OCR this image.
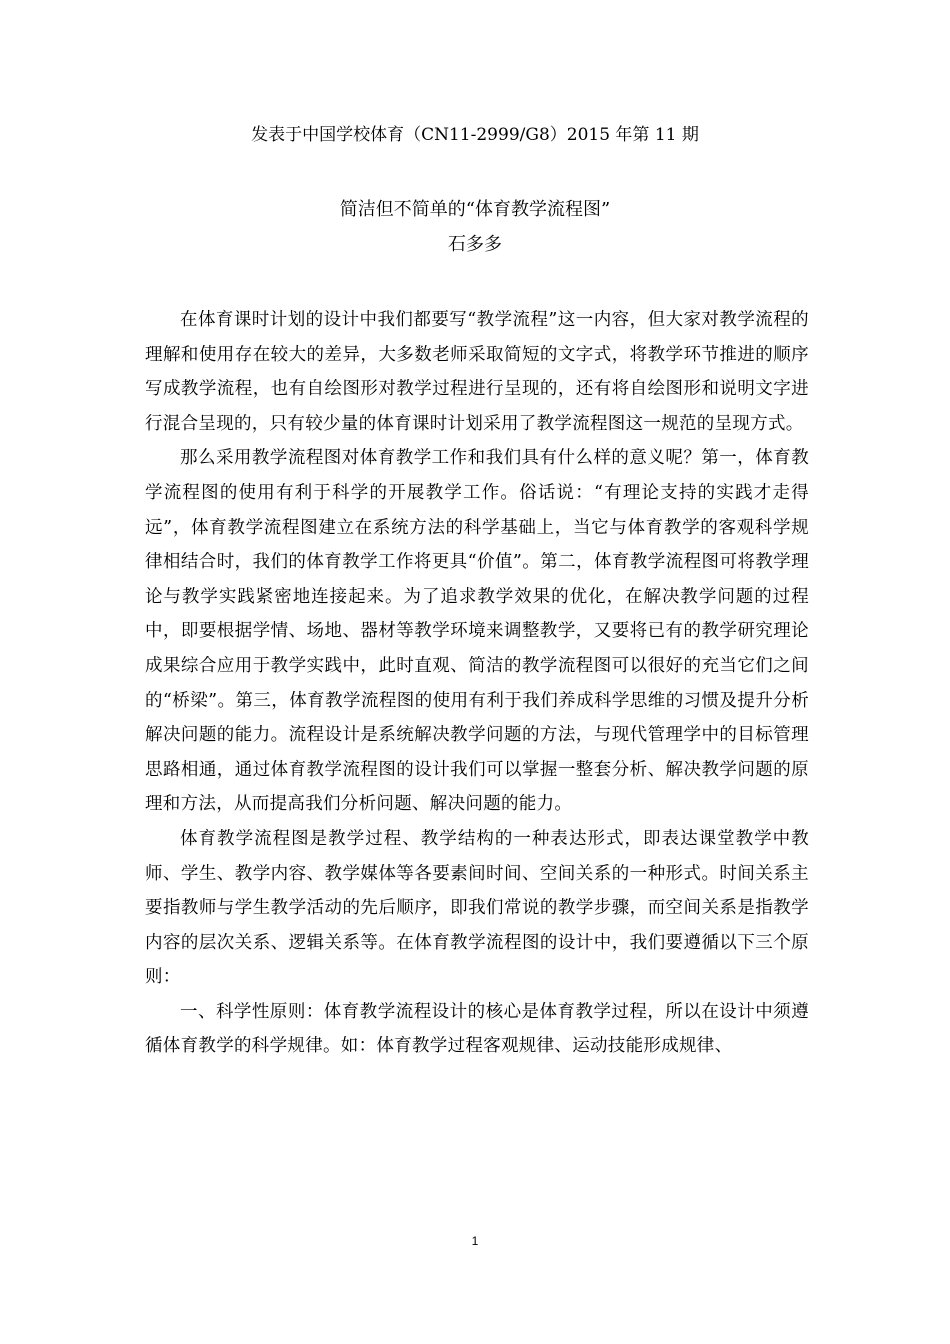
发表于中国学校体育（CN11-2999/G8）2015 年第 11 期
简洁但不简单的“体育教学流程图”
石多多

在体育课时计划的设计中我们都要写“教学流程”这一内容，但大家对教学流程的理解和使用存在较大的差异，大多数老师采取简短的文字式，将教学环节推进的顺序写成教学流程，也有自绘图形对教学过程进行呈现的，还有将自绘图形和说明文字进行混合呈现的，只有较少量的体育课时计划采用了教学流程图这一规范的呈现方式。

那么采用教学流程图对体育教学工作和我们具有什么样的意义呢？第一，体育教学流程图的使用有利于科学的开展教学工作。俗话说：“有理论支持的实践才走得远”，体育教学流程图建立在系统方法的科学基础上，当它与体育教学的客观科学规律相结合时，我们的体育教学工作将更具“价值”。第二，体育教学流程图可将教学理论与教学实践紧密地连接起来。为了追求教学效果的优化，在解决教学问题的过程中，即要根据学情、场地、器材等教学环境来调整教学，又要将已有的教学研究理论成果综合应用于教学实践中，此时直观、简洁的教学流程图可以很好的充当它们之间的“桥梁”。第三，体育教学流程图的使用有利于我们养成科学思维的习惯及提升分析解决问题的能力。流程设计是系统解决教学问题的方法，与现代管理学中的目标管理思路相通，通过体育教学流程图的设计我们可以掌握一整套分析、解决教学问题的原理和方法，从而提高我们分析问题、解决问题的能力。

体育教学流程图是教学过程、教学结构的一种表达形式，即表达课堂教学中教师、学生、教学内容、教学媒体等各要素间时间、空间关系的一种形式。时间关系主要指教师与学生教学活动的先后顺序，即我们常说的教学步骤，而空间关系是指教学内容的层次关系、逻辑关系等。在体育教学流程图的设计中，我们要遵循以下三个原则：

一、科学性原则：体育教学流程设计的核心是体育教学过程，所以在设计中须遵循体育教学的科学规律。如：体育教学过程客观规律、运动技能形成规律、

1
